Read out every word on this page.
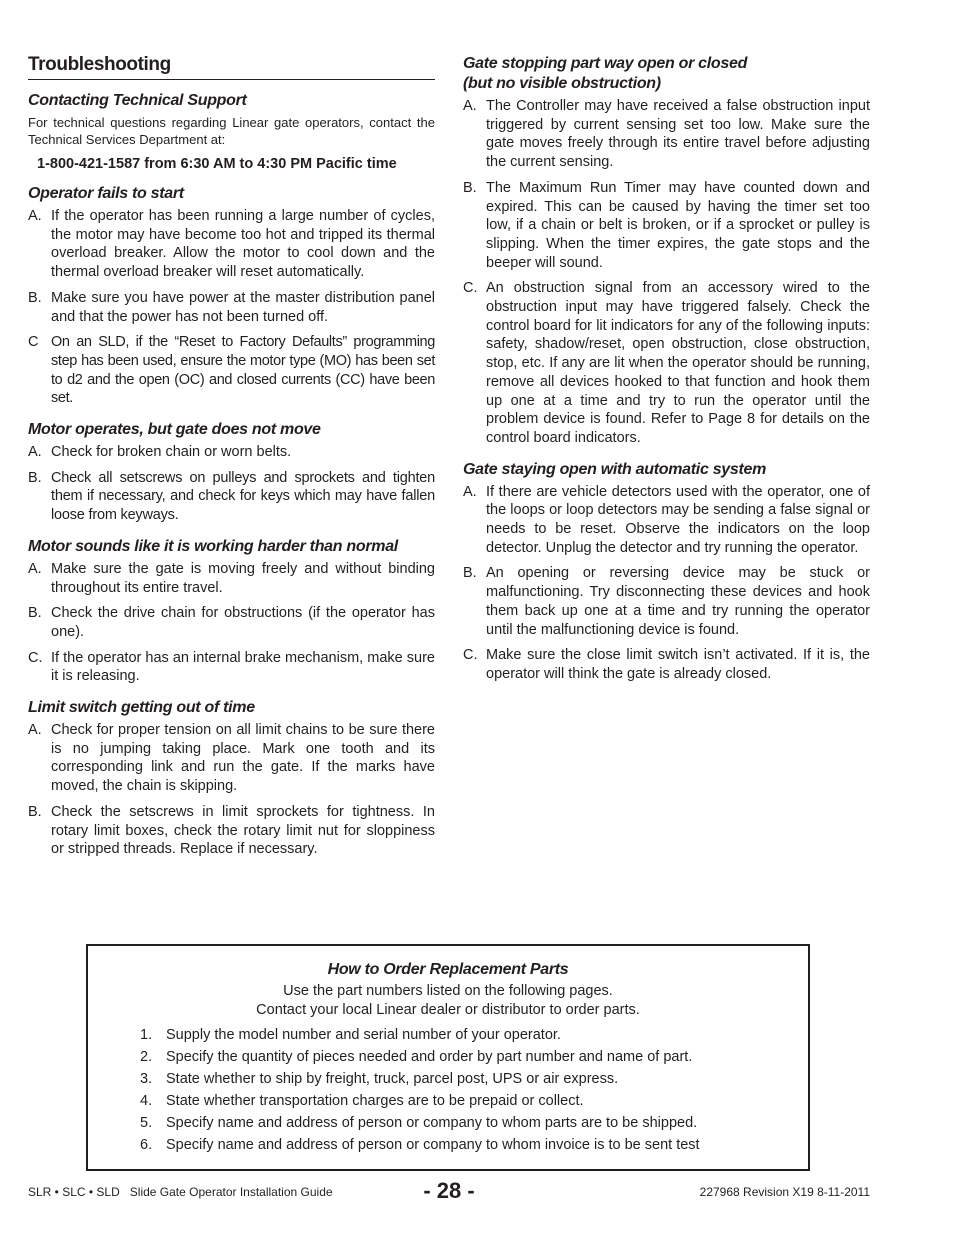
Troubleshooting
Contacting Technical Support

For technical questions regarding Linear gate operators, contact the Technical Services Department at:

1-800-421-1587 from 6:30 AM to 4:30 PM Pacific time

Operator fails to start
A. If the operator has been running a large number of cycles, the motor may have become too hot and tripped its thermal overload breaker. Allow the motor to cool down and the thermal overload breaker will reset automatically.
B. Make sure you have power at the master distribution panel and that the power has not been turned off.
C On an SLD, if the “Reset to Factory Defaults” programming step has been used, ensure the motor type (MO) has been set to d2 and the open (OC) and closed currents (CC) have been set.
Motor operates, but gate does not move
A. Check for broken chain or worn belts.
B. Check all setscrews on pulleys and sprockets and tighten them if necessary, and check for keys which may have fallen loose from keyways.
Motor sounds like it is working harder than normal
A. Make sure the gate is moving freely and without binding throughout its entire travel.
B. Check the drive chain for obstructions (if the operator has one).
C. If the operator has an internal brake mechanism, make sure it is releasing.
Limit switch getting out of time
A. Check for proper tension on all limit chains to be sure there is no jumping taking place. Mark one tooth and its corresponding link and run the gate. If the marks have moved, the chain is skipping.
B. Check the setscrews in limit sprockets for tightness. In rotary limit boxes, check the rotary limit nut for sloppiness or stripped threads. Replace if necessary.
Gate stopping part way open or closed
(but no visible obstruction)
A. The Controller may have received a false obstruction input triggered by current sensing set too low. Make sure the gate moves freely through its entire travel before adjusting the current sensing.
B. The Maximum Run Timer may have counted down and expired. This can be caused by having the timer set too low, if a chain or belt is broken, or if a sprocket or pulley is slipping. When the timer expires, the gate stops and the beeper will sound.
C. An obstruction signal from an accessory wired to the obstruction input may have triggered falsely. Check the control board for lit indicators for any of the following inputs: safety, shadow/reset, open obstruction, close obstruction, stop, etc. If any are lit when the operator should be running, remove all devices hooked to that function and hook them up one at a time and try to run the operator until the problem device is found. Refer to Page 8 for details on the control board indicators.
Gate staying open with automatic system
A. If there are vehicle detectors used with the operator, one of the loops or loop detectors may be sending a false signal or needs to be reset. Observe the indicators on the loop detector. Unplug the detector and try running the operator.
B. An opening or reversing device may be stuck or malfunctioning. Try disconnecting these devices and hook them back up one at a time and try running the operator until the malfunctioning device is found.
C. Make sure the close limit switch isn’t activated. If it is, the operator will think the gate is already closed.
How to Order Replacement Parts

Use the part numbers listed on the following pages.

Contact your local Linear dealer or distributor to order parts.

1. Supply the model number and serial number of your operator.
2. Specify the quantity of pieces needed and order by part number and name of part.
3. State whether to ship by freight, truck, parcel post, UPS or air express.
4. State whether transportation charges are to be prepaid or collect.
5. Specify name and address of person or company to whom parts are to be shipped.
6. Specify name and address of person or company to whom invoice is to be sent test
SLR • SLC • SLD   Slide Gate Operator Installation Guide	- 28 -	227968 Revision X19 8-11-2011
